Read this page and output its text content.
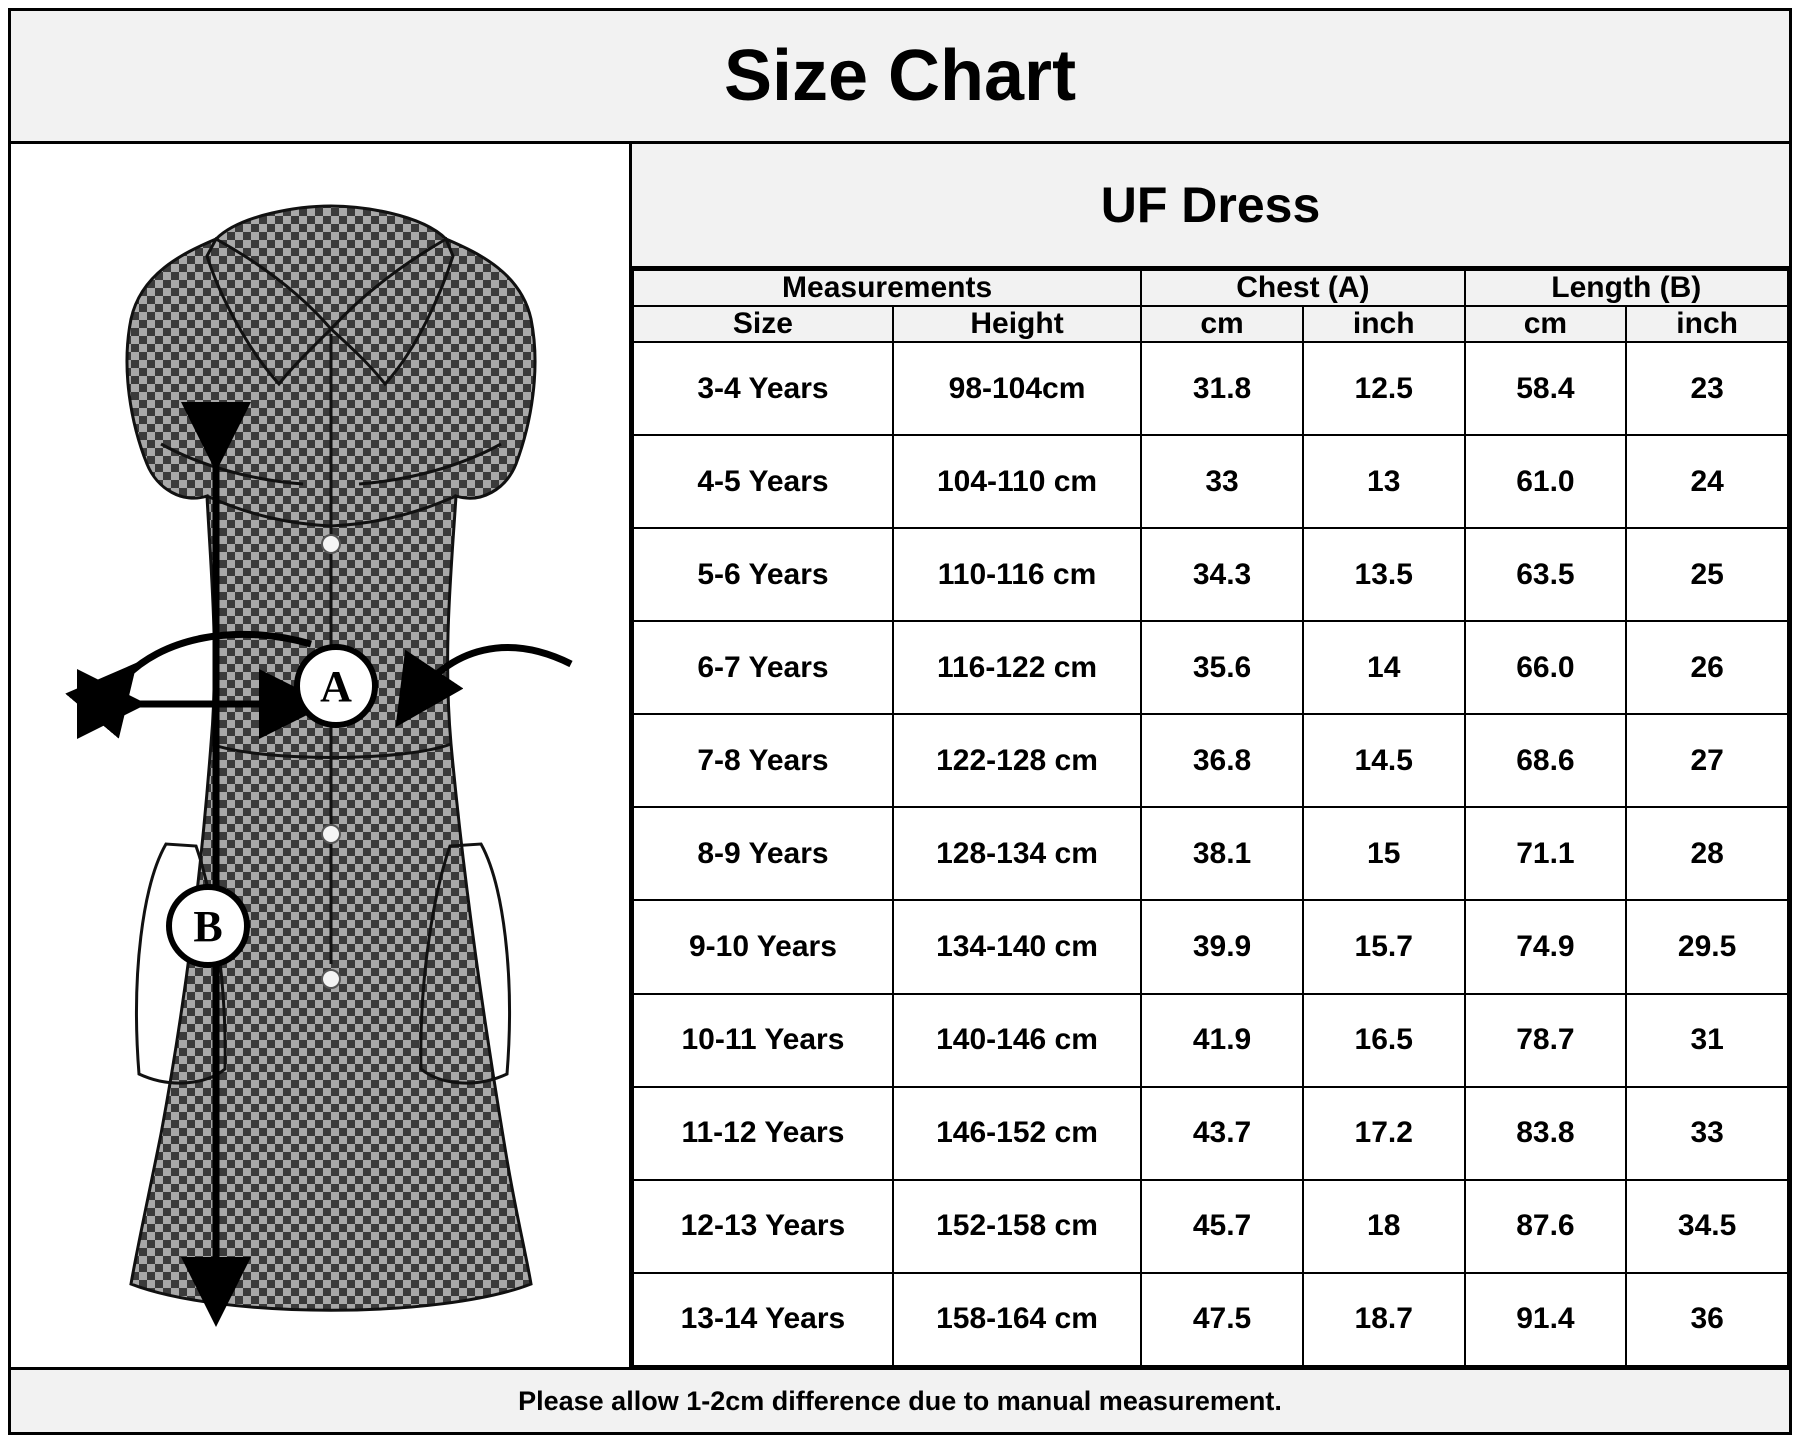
Size Chart
A
B
UF Dress
Measurements		Chest (A)		Length (B)	
Size	Height	cm	inch	cm	inch
3-4 Years	98-104cm	31.8	12.5	58.4	23
4-5 Years	104-110 cm	33	13	61.0	24
5-6 Years	110-116 cm	34.3	13.5	63.5	25
6-7 Years	116-122 cm	35.6	14	66.0	26
7-8 Years	122-128 cm	36.8	14.5	68.6	27
8-9 Years	128-134 cm	38.1	15	71.1	28
9-10 Years	134-140 cm	39.9	15.7	74.9	29.5
10-11 Years	140-146 cm	41.9	16.5	78.7	31
11-12 Years	146-152 cm	43.7	17.2	83.8	33
12-13 Years	152-158 cm	45.7	18	87.6	34.5
13-14 Years	158-164 cm	47.5	18.7	91.4	36
Please allow 1-2cm difference due to manual measurement.
